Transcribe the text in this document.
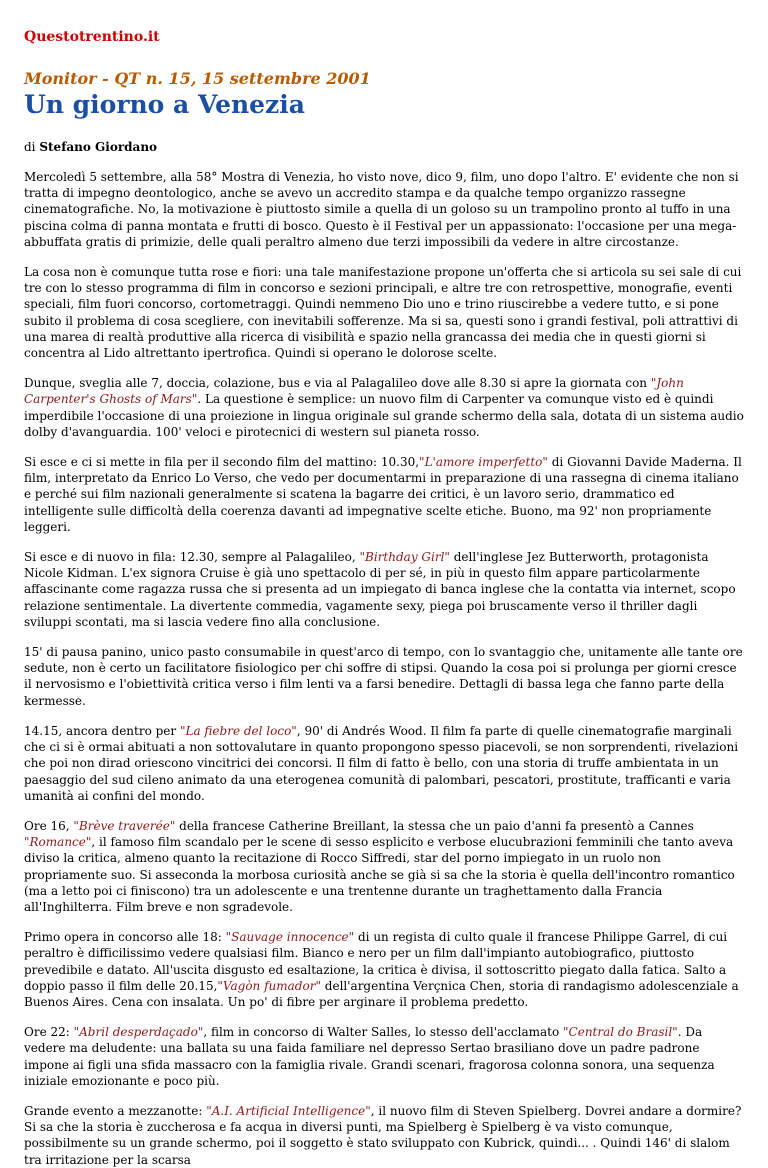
Questotrentino.it
Monitor - QT n. 15, 15 settembre 2001
Un giorno a Venezia
di Stefano Giordano

Mercoledì 5 settembre, alla 58° Mostra di Venezia, ho visto nove, dico 9, film, uno dopo l'altro. E' evidente che non si tratta di impegno deontologico, anche se avevo un accredito stampa e da qualche tempo organizzo rassegne cinematografiche. No, la motivazione è piuttosto simile a quella di un goloso su un trampolino pronto al tuffo in una piscina colma di panna montata e frutti di bosco. Questo è il Festival per un appassionato: l'occasione per una mega-abbuffata gratis di primizie, delle quali peraltro almeno due terzi impossibili da vedere in altre circostanze.

La cosa non è comunque tutta rose e fiori: una tale manifestazione propone un'offerta che si articola su sei sale di cui tre con lo stesso programma di film in concorso e sezioni principali, e altre tre con retrospettive, monografie, eventi speciali, film fuori concorso, cortometraggi. Quindi nemmeno Dio uno e trino riuscirebbe a vedere tutto, e si pone subito il problema di cosa scegliere, con inevitabili sofferenze. Ma si sa, questi sono i grandi festival, poli attrattivi di una marea di realtà produttive alla ricerca di visibilità e spazio nella grancassa dei media che in questi giorni si concentra al Lido altrettanto ipertrofica. Quindi si operano le dolorose scelte.

Dunque, sveglia alle 7, doccia, colazione, bus e via al Palagalileo dove alle 8.30 si apre la giornata con "John Carpenter's Ghosts of Mars". La questione è semplice: un nuovo film di Carpenter va comunque visto ed è quindi imperdibile l'occasione di una proiezione in lingua originale sul grande schermo della sala, dotata di un sistema audio dolby d'avanguardia. 100' veloci e pirotecnici di western sul pianeta rosso.

Si esce e ci si mette in fila per il secondo film del mattino: 10.30,"L'amore imperfetto" di Giovanni Davide Maderna. Il film, interpretato da Enrico Lo Verso, che vedo per documentarmi in preparazione di una rassegna di cinema italiano e perché sui film nazionali generalmente si scatena la bagarre dei critici, è un lavoro serio, drammatico ed intelligente sulle difficoltà della coerenza davanti ad impegnative scelte etiche. Buono, ma 92' non propriamente leggeri.

Si esce e di nuovo in fila: 12.30, sempre al Palagalileo, "Birthday Girl" dell'inglese Jez Butterworth, protagonista Nicole Kidman. L'ex signora Cruise è già uno spettacolo di per sé, in più in questo film appare particolarmente affascinante come ragazza russa che si presenta ad un impiegato di banca inglese che la contatta via internet, scopo relazione sentimentale. La divertente commedia, vagamente sexy, piega poi bruscamente verso il thriller dagli sviluppi scontati, ma si lascia vedere fino alla conclusione.

15' di pausa panino, unico pasto consumabile in quest'arco di tempo, con lo svantaggio che, unitamente alle tante ore sedute, non è certo un facilitatore fisiologico per chi soffre di stipsi. Quando la cosa poi si prolunga per giorni cresce il nervosismo e l'obiettività critica verso i film lenti va a farsi benedire. Dettagli di bassa lega che fanno parte della kermesse.

14.15, ancora dentro per "La fiebre del loco", 90' di Andrés Wood. Il film fa parte di quelle cinematografie marginali che ci si è ormai abituati a non sottovalutare in quanto propongono spesso piacevoli, se non sorprendenti, rivelazioni che poi non dirad oriescono vincitrici dei concorsi. Il film di fatto è bello, con una storia di truffe ambientata in un paesaggio del sud cileno animato da una eterogenea comunità di palombari, pescatori, prostitute, trafficanti e varia umanità ai confini del mondo.

Ore 16, "Brève traverée" della francese Catherine Breillant, la stessa che un paio d'anni fa presentò a Cannes "Romance", il famoso film scandalo per le scene di sesso esplicito e verbose elucubrazioni femminili che tanto aveva diviso la critica, almeno quanto la recitazione di Rocco Siffredi, star del porno impiegato in un ruolo non propriamente suo. Si asseconda la morbosa curiosità anche se già si sa che la storia è quella dell'incontro romantico (ma a letto poi ci finiscono) tra un adolescente e una trentenne durante un traghettamento dalla Francia all'Inghilterra. Film breve e non sgradevole.

Primo opera in concorso alle 18: "Sauvage innocence" di un regista di culto quale il francese Philippe Garrel, di cui peraltro è difficilissimo vedere qualsiasi film. Bianco e nero per un film dall'impianto autobiografico, piuttosto prevedibile e datato. All'uscita disgusto ed esaltazione, la critica è divisa, il sottoscritto piegato dalla fatica. Salto a doppio passo il film delle 20.15,"Vagòn fumador" dell'argentina Verçnica Chen, storia di randagismo adolescenziale a Buenos Aires. Cena con insalata. Un po' di fibre per arginare il problema predetto.

Ore 22: "Abril desperdaçado", film in concorso di Walter Salles, lo stesso dell'acclamato "Central do Brasil". Da vedere ma deludente: una ballata su una faida familiare nel depresso Sertao brasiliano dove un padre padrone impone ai figli una sfida massacro con la famiglia rivale. Grandi scenari, fragorosa colonna sonora, una sequenza iniziale emozionante e poco più.

Grande evento a mezzanotte: "A.I. Artificial Intelligence", il nuovo film di Steven Spielberg. Dovrei andare a dormire? Si sa che la storia è zuccherosa e fa acqua in diversi punti, ma Spielberg è Spielberg è va visto comunque, possibilmente su un grande schermo, poi il soggetto è stato sviluppato con Kubrick, quindi... . Quindi 146' di slalom tra irritazione per la scarsa
